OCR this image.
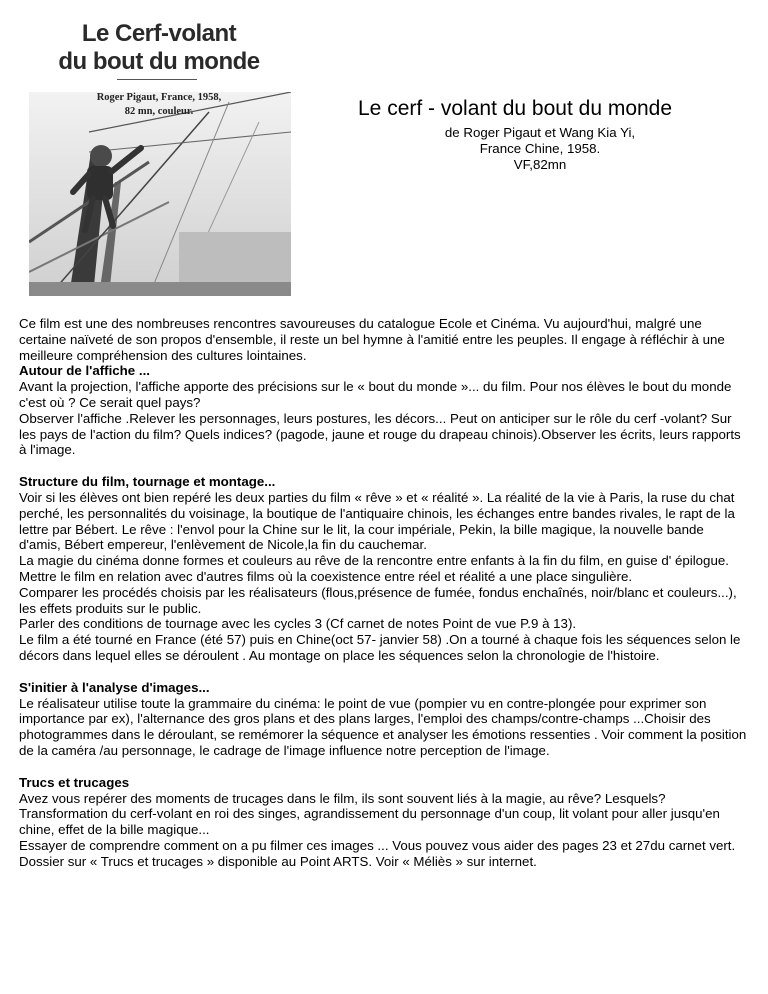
Le Cerf-volant
du bout du monde
Roger Pigaut, France, 1958,
82 mn, couleur.	Le cerf - volant du bout du monde
de Roger Pigaut et Wang Kia Yi,
France Chine, 1958.
VF,82mn

Ce film est une des nombreuses rencontres savoureuses du catalogue Ecole et Cinéma. Vu aujourd'hui, malgré une certaine naïveté de son propos d'ensemble, il reste un bel hymne à l'amitié entre les peuples. Il engage à réfléchir à une meilleure compréhension des cultures lointaines.

Autour de l'affiche ...

Avant la projection, l'affiche apporte des précisions sur le « bout du monde »... du film. Pour nos élèves le bout du monde c'est où ? Ce serait quel pays?

Observer l'affiche .Relever les personnages, leurs postures, les décors... Peut on anticiper sur le rôle du cerf -volant? Sur les pays de l'action du film? Quels indices? (pagode, jaune et rouge du drapeau chinois).Observer les écrits, leurs rapports à l'image.

Structure du film, tournage et montage...

Voir si les élèves ont bien repéré les deux parties du film « rêve » et « réalité ». La réalité de la vie à Paris, la ruse du chat perché, les personnalités du voisinage, la boutique de l'antiquaire chinois, les échanges entre bandes rivales, le rapt de la lettre par Bébert. Le rêve : l'envol pour la Chine sur le lit, la cour impériale, Pekin, la bille magique, la nouvelle bande d'amis, Bébert empereur, l'enlèvement de Nicole,la fin du cauchemar.

La magie du cinéma donne formes et couleurs au rêve de la rencontre entre enfants à la fin du film, en guise d' épilogue.

Mettre le film en relation avec d'autres films où la coexistence entre réel et réalité a une place singulière.

Comparer les procédés choisis par les réalisateurs (flous,présence de fumée, fondus enchaînés, noir/blanc et couleurs...), les effets produits sur le public.

Parler des conditions de tournage avec les cycles 3 (Cf carnet de notes Point de vue P.9 à 13).

Le film a été tourné en France (été 57) puis en Chine(oct 57- janvier 58) .On a tourné à chaque fois les séquences selon le décors dans lequel elles se déroulent . Au montage on place les séquences selon la chronologie de l'histoire.

S'initier à l'analyse d'images...

Le réalisateur utilise toute la grammaire du cinéma: le point de vue (pompier vu en contre-plongée pour exprimer son importance par ex), l'alternance des gros plans et des plans larges, l'emploi des champs/contre-champs ...Choisir des photogrammes dans le déroulant, se remémorer la séquence et analyser les émotions ressenties . Voir comment la position de la caméra /au personnage, le cadrage de l'image influence notre perception de l'image.

Trucs et trucages

Avez vous repérer des moments de trucages dans le film, ils sont souvent liés à la magie, au rêve? Lesquels? Transformation du cerf-volant en roi des singes, agrandissement du personnage d'un coup, lit volant pour aller jusqu'en chine, effet de la bille magique...

Essayer de comprendre comment on a pu filmer ces images ... Vous pouvez vous aider des pages 23 et 27du carnet vert. Dossier sur « Trucs et trucages » disponible au Point ARTS. Voir « Méliès » sur internet.
